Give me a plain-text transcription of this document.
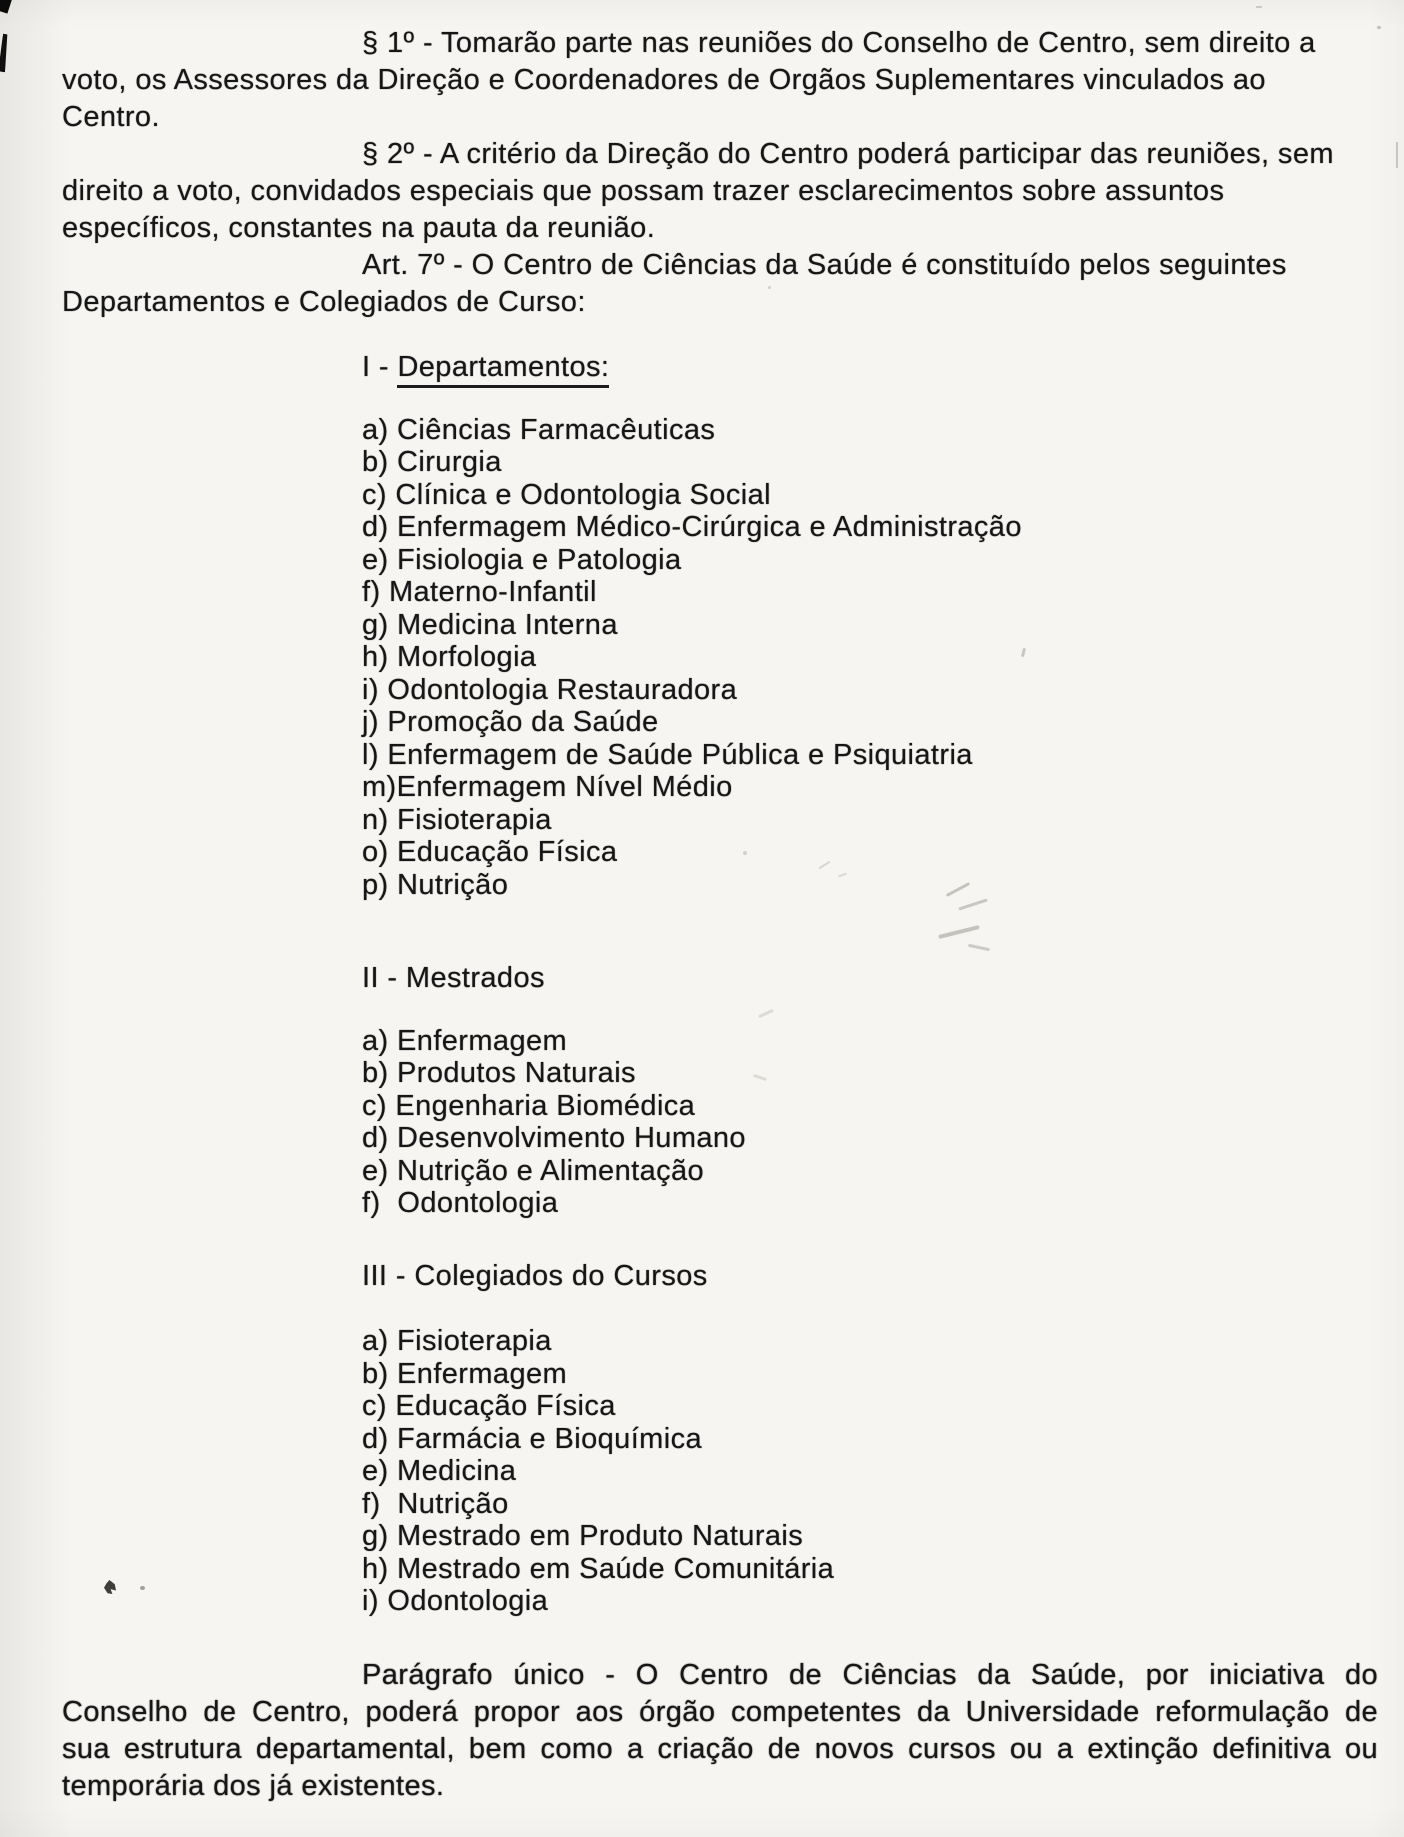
§ 1º - Tomarão parte nas reuniões do Conselho de Centro, sem direito a
voto, os Assessores da Direção e Coordenadores de Orgãos Suplementares vinculados ao
Centro.
§ 2º - A critério da Direção do Centro poderá participar das reuniões, sem
direito a voto, convidados especiais que possam trazer esclarecimentos sobre assuntos
específicos, constantes na pauta da reunião.
Art. 7º - O Centro de Ciências da Saúde é constituído pelos seguintes
Departamentos e Colegiados de Curso:
I - Departamentos:
a) Ciências Farmacêuticas
b) Cirurgia
c) Clínica e Odontologia Social
d) Enfermagem Médico-Cirúrgica e Administração
e) Fisiologia e Patologia
f) Materno-Infantil
g) Medicina Interna
h) Morfologia
i) Odontologia Restauradora
j) Promoção da Saúde
l) Enfermagem de Saúde Pública e Psiquiatria
m)Enfermagem Nível Médio
n) Fisioterapia
o) Educação Física
p) Nutrição
II - Mestrados
a) Enfermagem
b) Produtos Naturais
c) Engenharia Biomédica
d) Desenvolvimento Humano
e) Nutrição e Alimentação
f)  Odontologia
III - Colegiados do Cursos
a) Fisioterapia
b) Enfermagem
c) Educação Física
d) Farmácia e Bioquímica
e) Medicina
f)  Nutrição
g) Mestrado em Produto Naturais
h) Mestrado em Saúde Comunitária
i) Odontologia
Parágrafo único - O Centro de Ciências da Saúde, por iniciativa do
Conselho de Centro, poderá propor aos órgão competentes da Universidade reformulação de
sua estrutura departamental, bem como a criação de novos cursos ou a extinção definitiva ou
temporária dos já existentes.
